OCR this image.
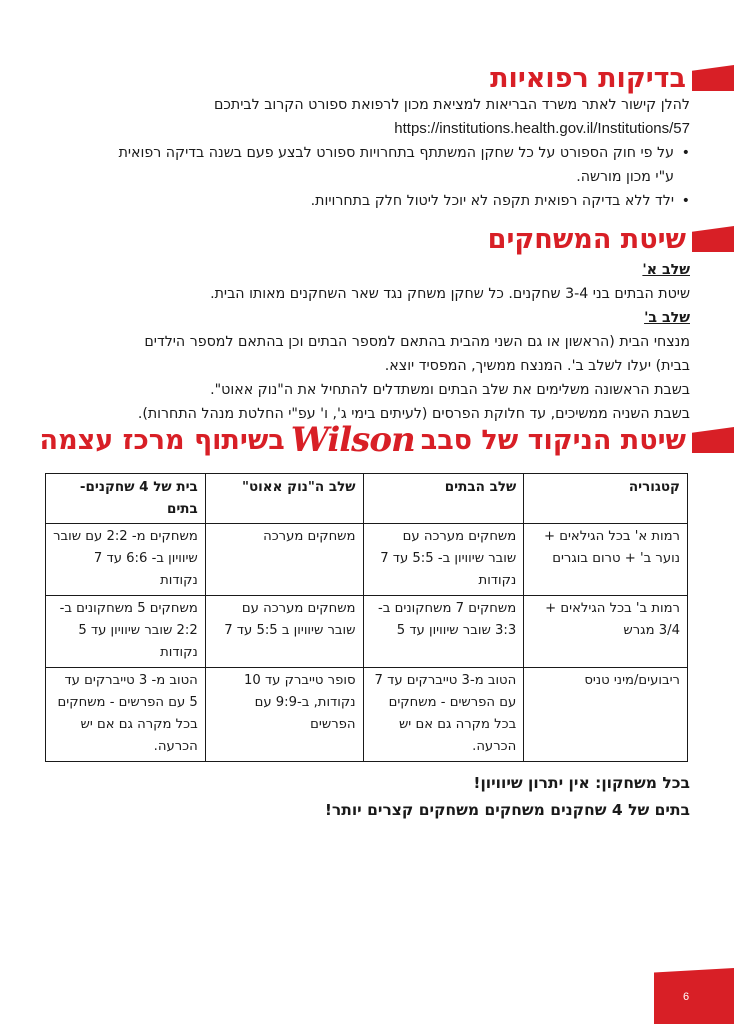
בדיקות רפואיות

להלן קישור לאתר משרד הבריאות למציאת מכון לרפואת ספורט הקרוב לביתכם

https://institutions.health.gov.il/Institutions/57

• על פי חוק הספורט על כל שחקן המשתתף בתחרויות ספורט לבצע פעם בשנה בדיקה רפואית
ע"י מכון מורשה.
• ילד ללא בדיקה רפואית תקפה לא יוכל ליטול חלק בתחרויות.
שיטת המשחקים

שלב א'

שיטת הבתים בני 3-4 שחקנים. כל שחקן משחק נגד שאר השחקנים מאותו הבית.

שלב ב'

מנצחי הבית (הראשון או גם השני מהבית בהתאם למספר הבתים וכן בהתאם למספר הילדים

בבית) יעלו לשלב ב'. המנצח ממשיך, המפסיד יוצא.

בשבת הראשונה משלימים את שלב הבתים ומשתדלים להתחיל את ה"נוק אאוט".

בשבת השניה ממשיכים, עד חלוקת הפרסים (לעיתים בימי ג', ו' עפ"י החלטת מנהל התחרות).

שיטת הניקוד של סבבWilsonבשיתוף מרכז עצמה
קטגוריה	שלב הבתים	שלב ה"נוק אאוט"	בית של 4 שחקנים- בתים
רמות א' בכל הגילאים + נוער ב' + טרום בוגרים	משחקים מערכה עם שובר שיוויון ב- 5:5 עד 7 נקודות	משחקים מערכה	משחקים מ- 2:2 עם שובר שיוויון ב- 6:6 עד 7 נקודות
רמות ב' בכל הגילאים + 3/4 מגרש	משחקים 7 משחקונים ב- 3:3 שובר שיוויון עד 5	משחקים מערכה עם שובר שיוויון ב 5:5 עד 7	משחקים 5 משחקונים ב- 2:2 שובר שיוויון עד 5 נקודות
ריבועים/מיני טניס	הטוב מ-3 טייברקים עד 7 עם הפרשים - משחקים בכל מקרה גם אם יש הכרעה.	סופר טייברק עד 10 נקודות, ב-9:9 עם הפרשים	הטוב מ- 3 טייברקים עד 5 עם הפרשים - משחקים בכל מקרה גם אם יש הכרעה.

בכל משחקון: אין יתרון שיוויון!

בתים של 4 שחקנים משחקים משחקים קצרים יותר!

6
